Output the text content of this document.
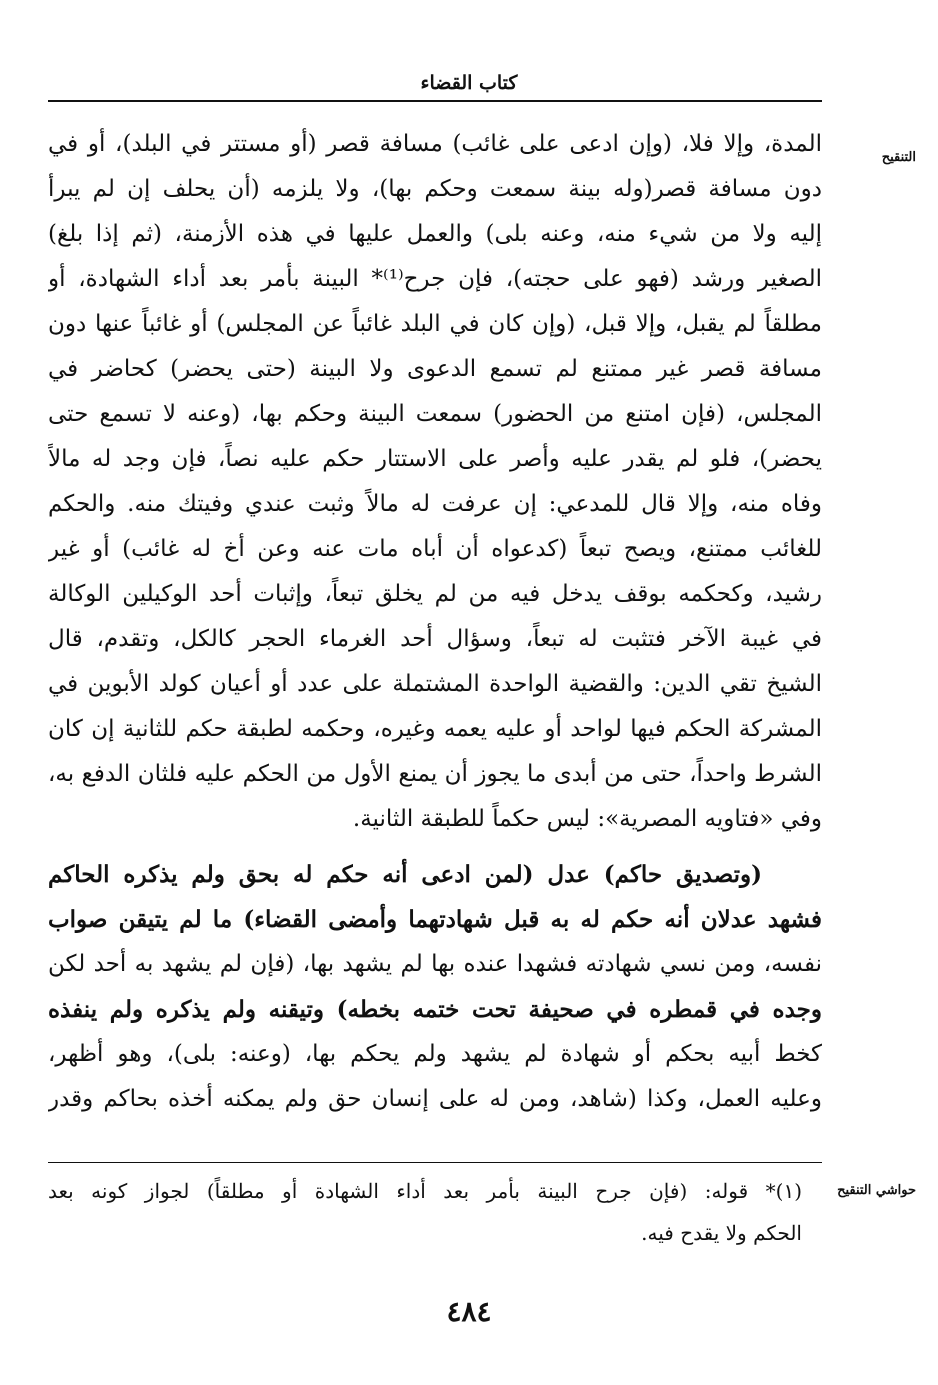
كتاب القضاء
التنقيح
المدة، وإلا فلا، (وإن ادعى على غائب) مسافة قصر (أو مستتر في البلد)، أو في
دون مسافة قصر(وله بينة سمعت وحكم بها)، ولا يلزمه (أن يحلف إن لم يبرأ
إليه ولا من شيء منه، وعنه بلى) والعمل عليها في هذه الأزمنة، (ثم إذا بلغ)
الصغير ورشد (فهو على حجته)، فإن جرح⁽¹⁾* البينة بأمر بعد أداء الشهادة، أو
مطلقاً لم يقبل، وإلا قبل، (وإن كان في البلد غائباً عن المجلس) أو غائباً عنها دون
مسافة قصر غير ممتنع لم تسمع الدعوى ولا البينة (حتى يحضر) كحاضر في
المجلس، (فإن امتنع من الحضور) سمعت البينة وحكم بها، (وعنه لا تسمع حتى
يحضر)، فلو لم يقدر عليه وأصر على الاستتار حكم عليه نصاً، فإن وجد له مالاً
وفاه منه، وإلا قال للمدعي: إن عرفت له مالاً وثبت عندي وفيتك منه. والحكم
للغائب ممتنع، ويصح تبعاً (كدعواه أن أباه مات عنه وعن أخ له غائب) أو غير
رشيد، وكحكمه بوقف يدخل فيه من لم يخلق تبعاً، وإثبات أحد الوكيلين الوكالة
في غيبة الآخر فتثبت له تبعاً، وسؤال أحد الغرماء الحجر كالكل، وتقدم، قال
الشيخ تقي الدين: والقضية الواحدة المشتملة على عدد أو أعيان كولد الأبوين في
المشركة الحكم فيها لواحد أو عليه يعمه وغيره، وحكمه لطبقة حكم للثانية إن كان
الشرط واحداً، حتى من أبدى ما يجوز أن يمنع الأول من الحكم عليه فلثان الدفع به،
وفي «فتاويه المصرية»: ليس حكماً للطبقة الثانية.
(وتصديق حاكم) عدل (لمن ادعى أنه حكم له بحق ولم يذكره الحاكم
فشهد عدلان أنه حكم له به قبل شهادتهما وأمضى القضاء) ما لم يتيقن صواب
نفسه، ومن نسي شهادته فشهدا عنده بها لم يشهد بها، (فإن لم يشهد به أحد لكن
وجده في قمطره في صحيفة تحت ختمه بخطه) وتيقنه ولم يذكره ولم ينفذه
كخط أبيه بحكم أو شهادة لم يشهد ولم يحكم بها، (وعنه: بلى)، وهو أظهر،
وعليه العمل، وكذا (شاهد، ومن له على إنسان حق ولم يمكنه أخذه بحاكم وقدر
حواشي التنقيح
(١)* قوله: (فإن جرح البينة بأمر بعد أداء الشهادة أو مطلقاً) لجواز كونه بعد
الحكم ولا يقدح فيه.
٤٨٤
